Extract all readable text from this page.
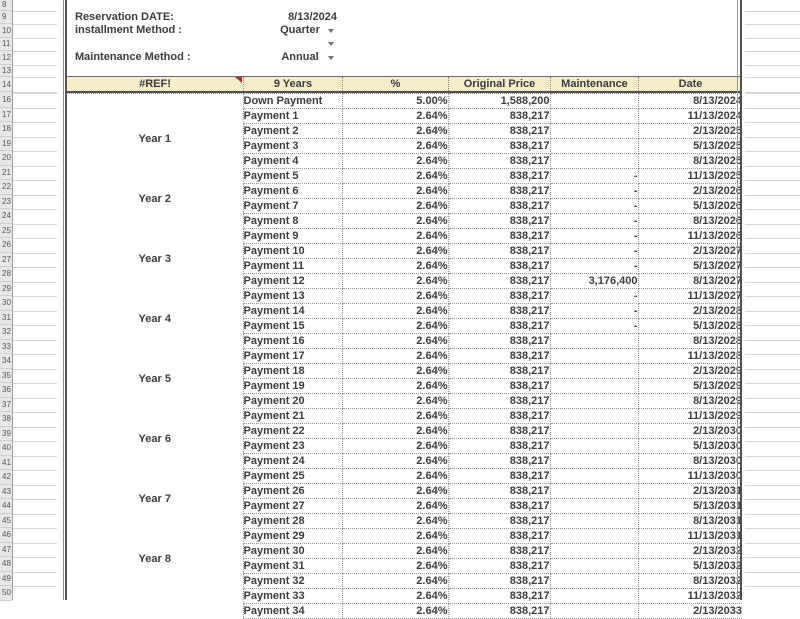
8
9
10
11
12
13
14
16
17
18
19
20
21
22
23
24
25
26
27
28
29
30
31
32
33
34
35
36
37
38
39
40
41
42
43
44
45
46
47
48
49
50
Reservation DATE:	8/13/2024
installment Method :	Quarter
Maintenance Method :	Annual
#REF!	9 Years	%	Original Price	Maintenance	Date
	Down Payment	5.00%	1,588,200		8/13/2024
Year 1	Payment 1	2.64%	838,217		11/13/2024
	Payment 2	2.64%	838,217		2/13/2025
	Payment 3	2.64%	838,217		5/13/2025
	Payment 4	2.64%	838,217		8/13/2025
Year 2	Payment 5	2.64%	838,217	-	11/13/2025
	Payment 6	2.64%	838,217	-	2/13/2026
	Payment 7	2.64%	838,217	-	5/13/2026
	Payment 8	2.64%	838,217	-	8/13/2026
Year 3	Payment 9	2.64%	838,217	-	11/13/2026
	Payment 10	2.64%	838,217	-	2/13/2027
	Payment 11	2.64%	838,217	-	5/13/2027
	Payment 12	2.64%	838,217	3,176,400	8/13/2027
Year 4	Payment 13	2.64%	838,217	-	11/13/2027
	Payment 14	2.64%	838,217	-	2/13/2028
	Payment 15	2.64%	838,217	-	5/13/2028
	Payment 16	2.64%	838,217		8/13/2028
Year 5	Payment 17	2.64%	838,217		11/13/2028
	Payment 18	2.64%	838,217		2/13/2029
	Payment 19	2.64%	838,217		5/13/2029
	Payment 20	2.64%	838,217		8/13/2029
Year 6	Payment 21	2.64%	838,217		11/13/2029
	Payment 22	2.64%	838,217		2/13/2030
	Payment 23	2.64%	838,217		5/13/2030
	Payment 24	2.64%	838,217		8/13/2030
Year 7	Payment 25	2.64%	838,217		11/13/2030
	Payment 26	2.64%	838,217		2/13/2031
	Payment 27	2.64%	838,217		5/13/2031
	Payment 28	2.64%	838,217		8/13/2031
Year 8	Payment 29	2.64%	838,217		11/13/2031
	Payment 30	2.64%	838,217		2/13/2032
	Payment 31	2.64%	838,217		5/13/2032
	Payment 32	2.64%	838,217		8/13/2032
	Payment 33	2.64%	838,217		11/13/2032
	Payment 34	2.64%	838,217		2/13/2033
